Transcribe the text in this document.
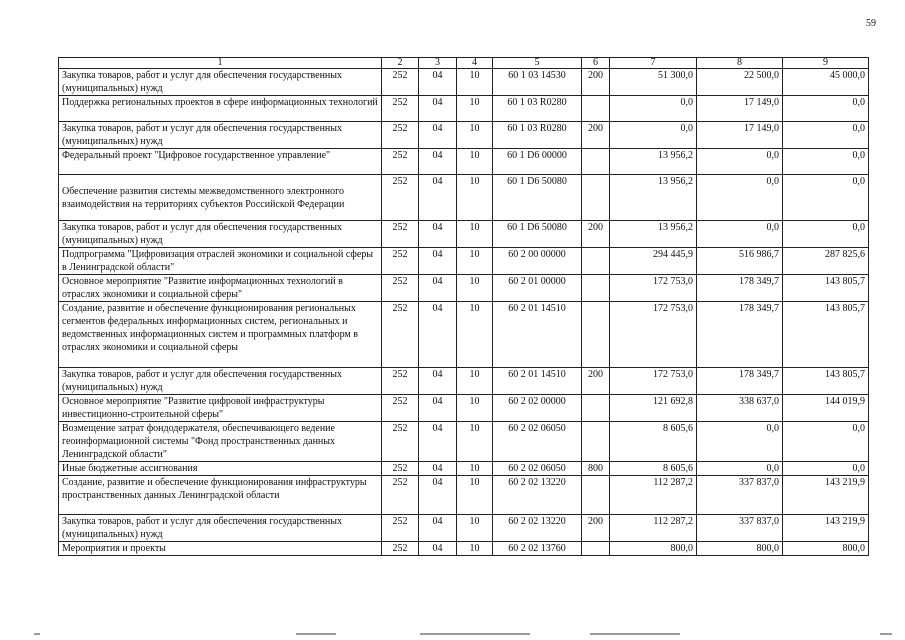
59
1	2	3	4	5	6	7	8	9
Закупка товаров, работ и услуг для обеспечения государственных (муниципальных) нужд	252	04	10	60 1 03 14530	200	51 300,0	22 500,0	45 000,0
Поддержка региональных проектов в сфере информационных технологий	252	04	10	60 1 03 R0280		0,0	17 149,0	0,0
Закупка товаров, работ и услуг для обеспечения государственных (муниципальных) нужд	252	04	10	60 1 03 R0280	200	0,0	17 149,0	0,0
Федеральный проект "Цифровое государственное управление"	252	04	10	60 1 D6 00000		13 956,2	0,0	0,0
Обеспечение развития системы межведомственного электронного взаимодействия на территориях субъектов Российской Федерации	252	04	10	60 1 D6 50080		13 956,2	0,0	0,0
Закупка товаров, работ и услуг для обеспечения государственных (муниципальных) нужд	252	04	10	60 1 D6 50080	200	13 956,2	0,0	0,0
Подпрограмма "Цифровизация отраслей экономики и социальной сферы в Ленинградской области"	252	04	10	60 2 00 00000		294 445,9	516 986,7	287 825,6
Основное мероприятие "Развитие информационных технологий в отраслях экономики и социальной сферы"	252	04	10	60 2 01 00000		172 753,0	178 349,7	143 805,7
Создание, развитие и обеспечение функционирования региональных сегментов федеральных информационных систем, региональных и ведомственных информационных систем и программных платформ в отраслях экономики и социальной сферы	252	04	10	60 2 01 14510		172 753,0	178 349,7	143 805,7
Закупка товаров, работ и услуг для обеспечения государственных (муниципальных) нужд	252	04	10	60 2 01 14510	200	172 753,0	178 349,7	143 805,7
Основное мероприятие "Развитие цифровой инфраструктуры инвестиционно-строительной сферы"	252	04	10	60 2 02 00000		121 692,8	338 637,0	144 019,9
Возмещение затрат фондодержателя, обеспечивающего ведение геоинформационной системы "Фонд пространственных данных Ленинградской области"	252	04	10	60 2 02 06050		8 605,6	0,0	0,0
Иные бюджетные ассигнования	252	04	10	60 2 02 06050	800	8 605,6	0,0	0,0
Создание, развитие и обеспечение функционирования инфраструктуры пространственных данных Ленинградской области	252	04	10	60 2 02 13220		112 287,2	337 837,0	143 219,9
Закупка товаров, работ и услуг для обеспечения государственных (муниципальных) нужд	252	04	10	60 2 02 13220	200	112 287,2	337 837,0	143 219,9
Мероприятия и проекты	252	04	10	60 2 02 13760		800,0	800,0	800,0
